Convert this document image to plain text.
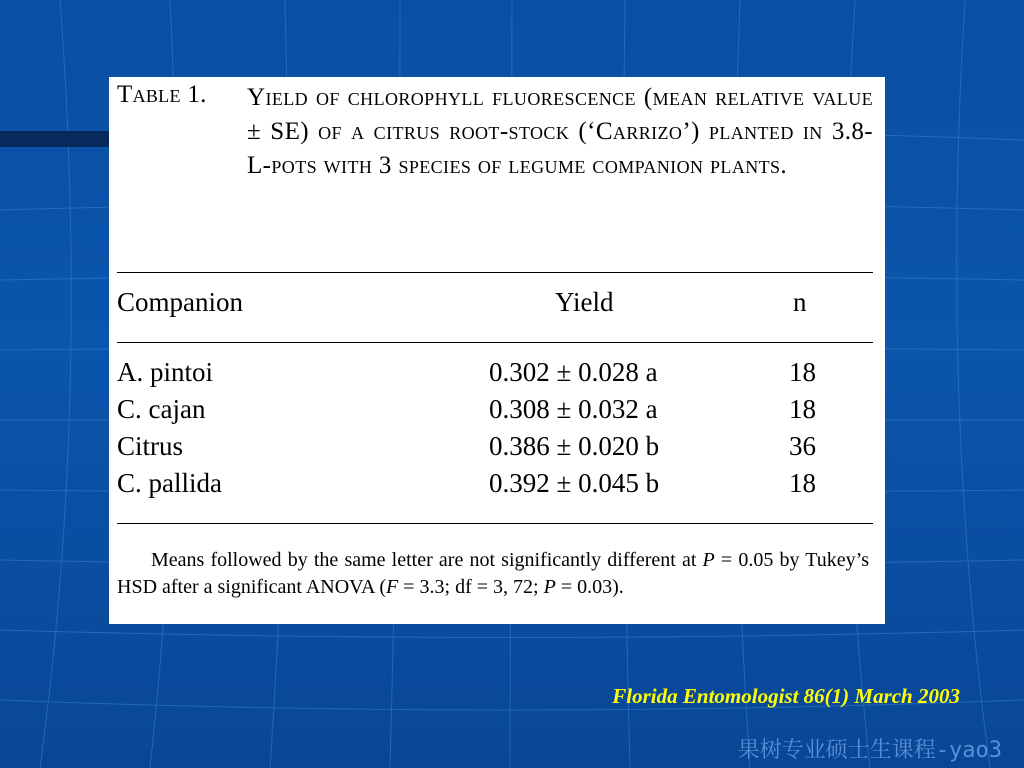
Table 1. Yield of chlorophyll fluorescence (mean relative value ± SE) of a citrus root-stock (‘Carrizo’) planted in 3.8-L-pots with 3 species of legume companion plants.
Companion	Yield	n
A. pintoi	0.302 ± 0.028 a	18
C. cajan	0.308 ± 0.032 a	18
Citrus	0.386 ± 0.020 b	36
C. pallida	0.392 ± 0.045 b	18
Means followed by the same letter are not significantly different at P = 0.05 by Tukey’s HSD after a significant ANOVA (F = 3.3; df = 3, 72; P = 0.03).
Florida Entomologist 86(1) March 2003
果树专业硕士生课程-yao3
